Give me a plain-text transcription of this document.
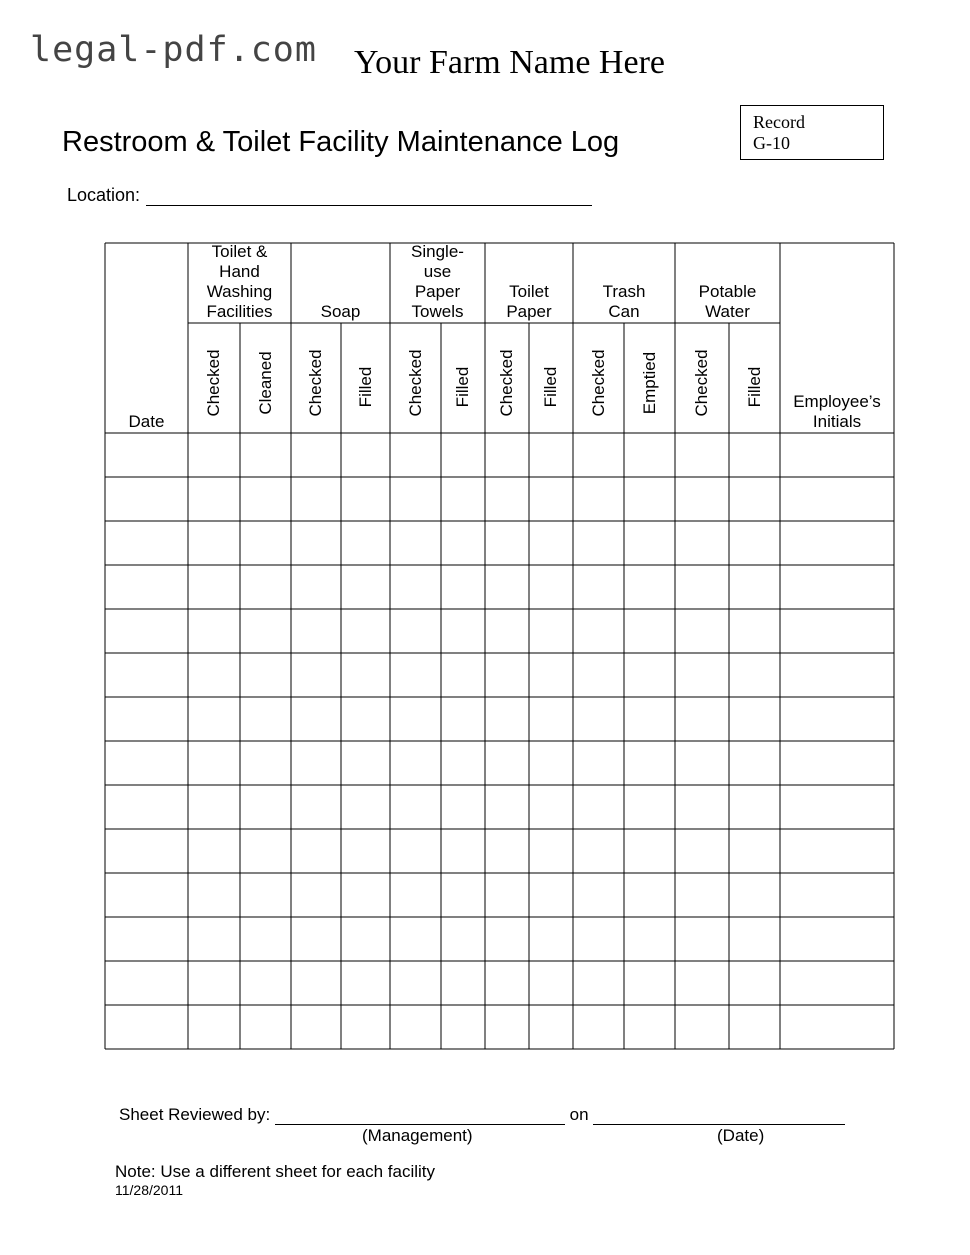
legal-pdf.com Your Farm Name Here
Restroom & Toilet Facility Maintenance Log
Record
G-10
Location:
Date
Employee’s
Initials
Toilet &
Hand
Washing
Facilities
Checked Cleaned
Soap
Checked Filled
Single-
use
Paper
Towels
Checked Filled
Toilet
Paper
Checked Filled
Trash
Can
Checked Emptied
Potable
Water
Checked Filled
Sheet Reviewed by:	on
(Management)	(Date)
Note: Use a different sheet for each facility
11/28/2011
